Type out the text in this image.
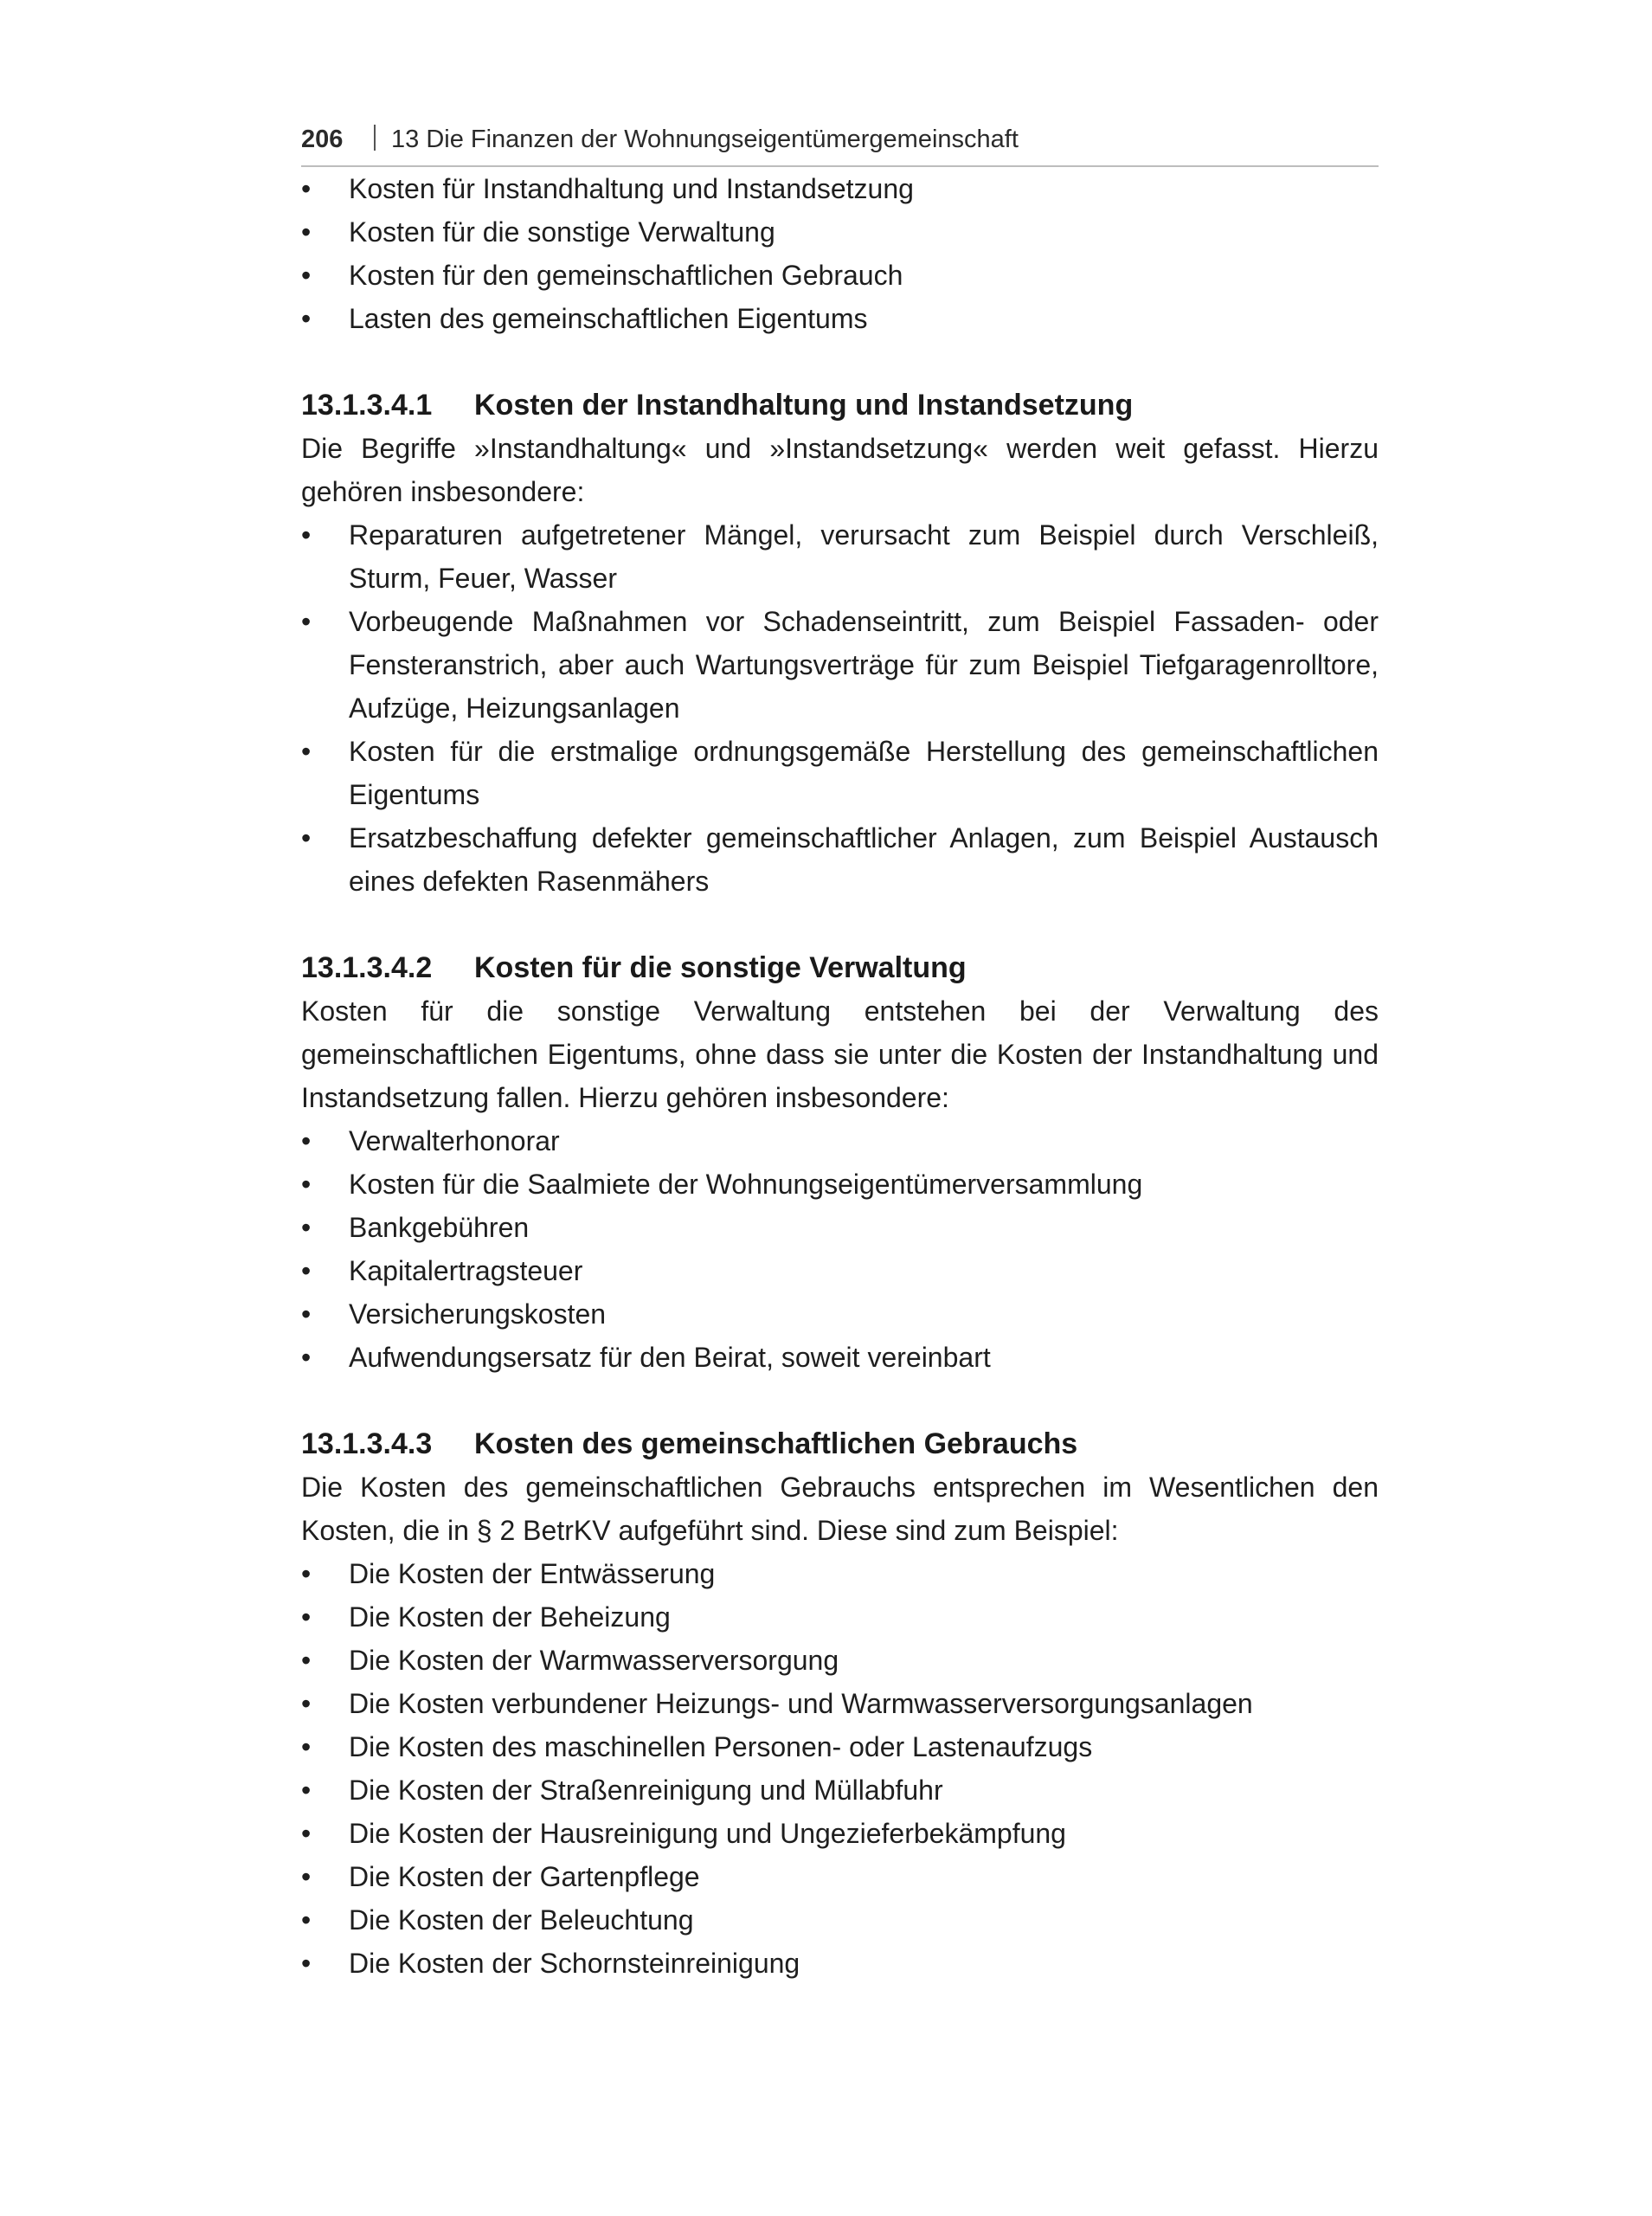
206	13 Die Finanzen der Wohnungseigentümergemeinschaft
• Kosten für Instandhaltung und Instandsetzung
• Kosten für die sonstige Verwaltung
• Kosten für den gemeinschaftlichen Gebrauch
• Lasten des gemeinschaftlichen Eigentums
13.1.3.4.1	Kosten der Instandhaltung und Instandsetzung

Die Begriffe »Instandhaltung« und »Instandsetzung« werden weit gefasst. Hierzu gehören insbesondere:

• Reparaturen aufgetretener Mängel, verursacht zum Beispiel durch Verschleiß, Sturm, Feuer, Wasser
• Vorbeugende Maßnahmen vor Schadenseintritt, zum Beispiel Fassaden- oder Fensteranstrich, aber auch Wartungsverträge für zum Beispiel Tiefgaragenrolltore, Aufzüge, Heizungsanlagen
• Kosten für die erstmalige ordnungsgemäße Herstellung des gemeinschaftlichen Eigentums
• Ersatzbeschaffung defekter gemeinschaftlicher Anlagen, zum Beispiel Austausch eines defekten Rasenmähers
13.1.3.4.2	Kosten für die sonstige Verwaltung

Kosten für die sonstige Verwaltung entstehen bei der Verwaltung des gemeinschaftlichen Eigentums, ohne dass sie unter die Kosten der Instandhaltung und Instandsetzung fallen. Hierzu gehören insbesondere:

• Verwalterhonorar
• Kosten für die Saalmiete der Wohnungseigentümerversammlung
• Bankgebühren
• Kapitalertragsteuer
• Versicherungskosten
• Aufwendungsersatz für den Beirat, soweit vereinbart
13.1.3.4.3	Kosten des gemeinschaftlichen Gebrauchs

Die Kosten des gemeinschaftlichen Gebrauchs entsprechen im Wesentlichen den Kosten, die in § 2 BetrKV aufgeführt sind. Diese sind zum Beispiel:

• Die Kosten der Entwässerung
• Die Kosten der Beheizung
• Die Kosten der Warmwasserversorgung
• Die Kosten verbundener Heizungs- und Warmwasserversorgungsanlagen
• Die Kosten des maschinellen Personen- oder Lastenaufzugs
• Die Kosten der Straßenreinigung und Müllabfuhr
• Die Kosten der Hausreinigung und Ungezieferbekämpfung
• Die Kosten der Gartenpflege
• Die Kosten der Beleuchtung
• Die Kosten der Schornsteinreinigung
